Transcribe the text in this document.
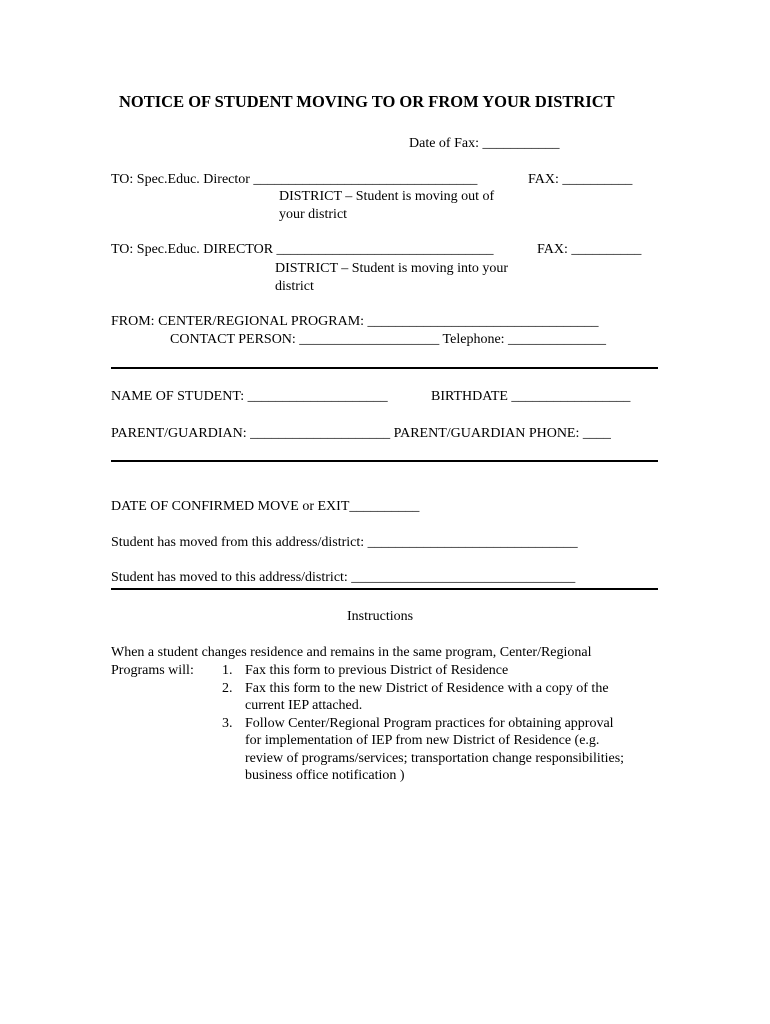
NOTICE OF STUDENT MOVING TO OR FROM YOUR DISTRICT
Date of Fax: ___________
TO: Spec.Educ. Director ________________________________	FAX: __________
DISTRICT – Student is moving out of
your district
TO: Spec.Educ. DIRECTOR _______________________________	FAX: __________
DISTRICT – Student is moving into your
district
FROM: CENTER/REGIONAL PROGRAM: _________________________________
CONTACT PERSON: ____________________ Telephone: ______________
NAME OF STUDENT: ____________________	BIRTHDATE _________________
PARENT/GUARDIAN: ____________________ PARENT/GUARDIAN PHONE: ____
DATE OF CONFIRMED MOVE or EXIT__________
Student has moved from this address/district: ______________________________
Student has moved to this address/district: ________________________________
Instructions
When a student changes residence and remains in the same program, Center/Regional
Programs will: 1. Fax this form to previous District of Residence
2. Fax this form to the new District of Residence with a copy of the
current IEP attached.
3. Follow Center/Regional Program practices for obtaining approval
for implementation of IEP from new District of Residence (e.g.
review of programs/services; transportation change responsibilities;
business office notification )
